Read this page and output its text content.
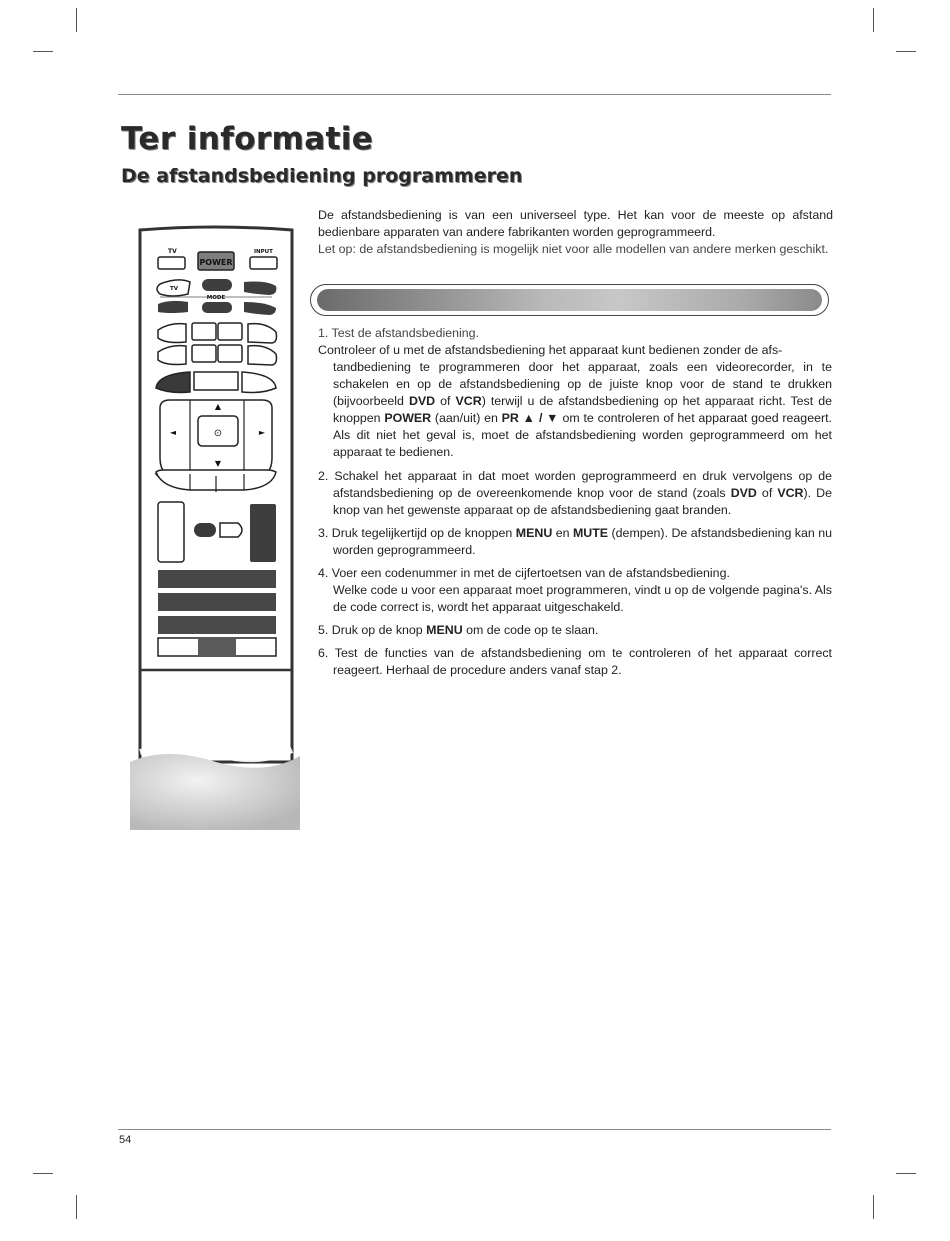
Ter informatie
De afstandsbediening programmeren

De afstandsbediening is van een universeel type. Het kan voor de meeste op afstand bedienbare apparaten van andere fabrikanten worden geprogrammeerd.

Let op: de afstandsbediening is mogelijk niet voor alle modellen van andere merken geschikt.

1. Test de afstandsbediening.
Controleer of u met de afstandsbediening het apparaat kunt bedienen zonder de afs-
tandbediening te programmeren door het apparaat, zoals een videorecorder, in te schakelen en op de afstandsbediening op de juiste knop voor de stand te drukken (bijvoorbeeld DVD of VCR) terwijl u de afstandsbediening op het apparaat richt. Test de knoppen POWER (aan/uit) en PR ▲ / ▼ om te controleren of het apparaat goed reageert. Als dit niet het geval is, moet de afstandsbediening worden geprogrammeerd om het apparaat te bedienen.
2. Schakel het apparaat in dat moet worden geprogrammeerd en druk vervolgens op de afstandsbediening op de overeenkomende knop voor de stand (zoals DVD of VCR). De knop van het gewenste apparaat op de afstandsbediening gaat branden.
3. Druk tegelijkertijd op de knoppen MENU en MUTE (dempen). De afstandsbediening kan nu worden geprogrammeerd.
4. Voer een codenummer in met de cijfertoetsen van de afstandsbediening.
Welke code u voor een apparaat moet programmeren, vindt u op de volgende pagina's. Als de code correct is, wordt het apparaat uitgeschakeld.
5. Druk op de knop MENU om de code op te slaan.
6. Test de functies van de afstandsbediening om te controleren of het apparaat correct reageert. Herhaal de procedure anders vanaf stap 2.
TV
POWER
INPUT
TV
MODE
⊙
▲
▼
◄	►
54
